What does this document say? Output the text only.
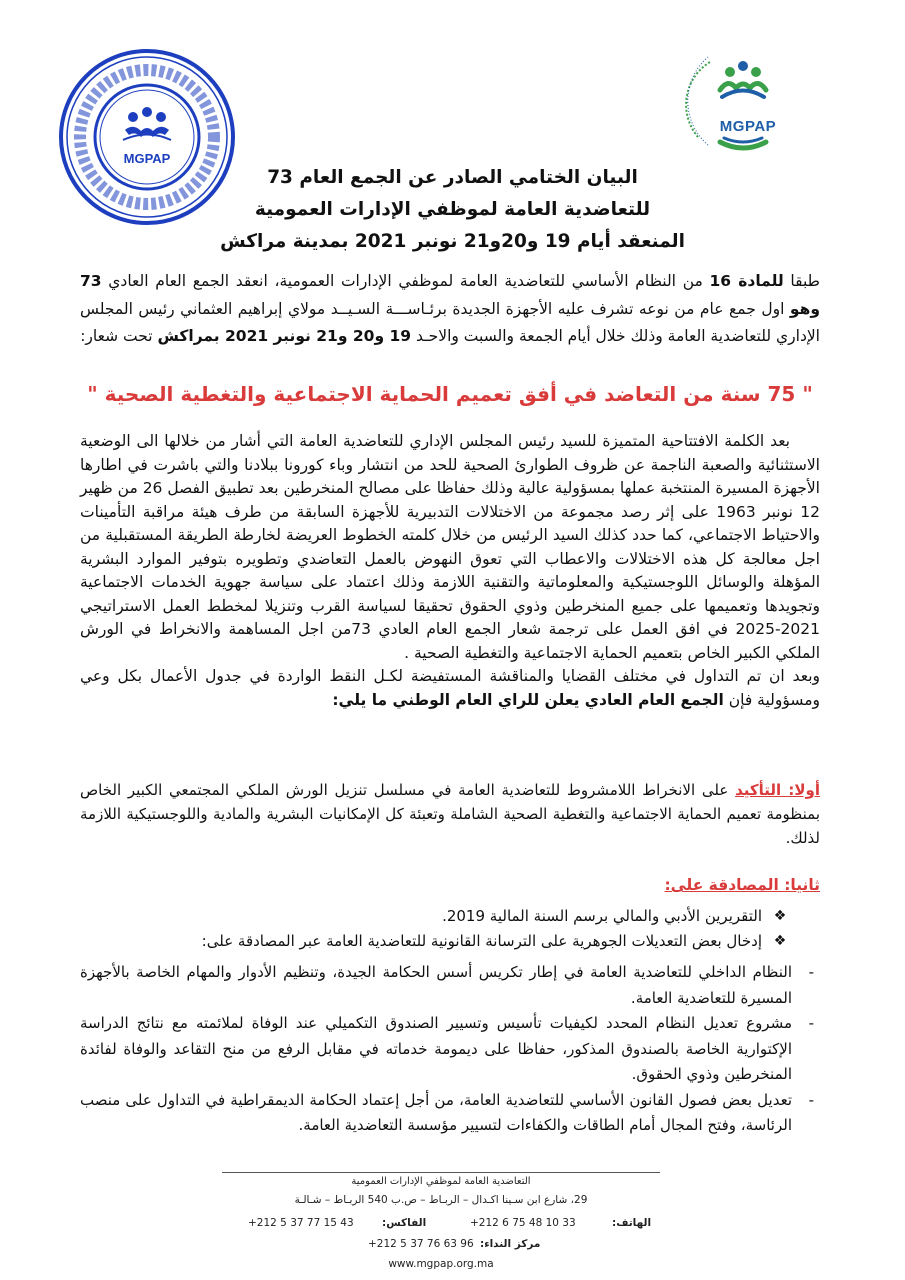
MGPAP
MGPAP
البيان الختامي الصادر عن الجمع العام 73
للتعاضدية العامة لموظفي الإدارات العمومية
المنعقد أيام 19 و20و21 نونبر 2021 بمدينة مراكش
طبقا للمادة 16 من النظام الأساسي للتعاضدية العامة لموظفي الإدارات العمومية، انعقد الجمع العام العادي 73 وهو اول جمع عام من نوعه تشرف عليه الأجهزة الجديدة برئـاســـة السـيــد مولاي إبراهيم العثماني رئيس المجلس الإداري للتعاضدية العامة وذلك خلال أيام الجمعة والسبت والاحـد 19 و20 و21 نونبر 2021 بمراكش تحت شعار:
" 75 سنة من التعاضد في أفق تعميم الحماية الاجتماعية والتغطية الصحية "
بعد الكلمة الافتتاحية المتميزة للسيد رئيس المجلس الإداري للتعاضدية العامة التي أشار من خلالها الى الوضعية الاستثنائية والصعبة الناجمة عن ظروف الطوارئ الصحية للحد من انتشار وباء كورونا ببلادنا والتي باشرت في اطارها الأجهزة المسيرة المنتخبة عملها بمسؤولية عالية وذلك حفاظا على مصالح المنخرطين بعد تطبيق الفصل 26 من ظهير 12 نونبر 1963 على إثر رصد مجموعة من الاختلالات التدبيرية للأجهزة السابقة من طرف هيئة مراقبة التأمينات والاحتياط الاجتماعي، كما حدد كذلك السيد الرئيس من خلال كلمته الخطوط العريضة لخارطة الطريقة المستقبلية من اجل معالجة كل هذه الاختلالات والاعطاب التي تعوق النهوض بالعمل التعاضدي وتطويره بتوفير الموارد البشرية المؤهلة والوسائل اللوجستيكية والمعلوماتية والتقنية اللازمة وذلك اعتماد على سياسة جهوية الخدمات الاجتماعية وتجويدها وتعميمها على جميع المنخرطين وذوي الحقوق تحقيقا لسياسة القرب وتنزيلا لمخطط العمل الاستراتيجي 2021-2025 في افق العمل على ترجمة شعار الجمع العام العادي 73من اجل المساهمة والانخراط في الورش الملكي الكبير الخاص بتعميم الحماية الاجتماعية والتغطية الصحية .
وبعد ان تم التداول في مختلف القضايا والمناقشة المستفيضة لكـل النقط الواردة في جدول الأعمال بكل وعي ومسؤولية فإن الجمع العام العادي يعلن للراي العام الوطني ما يلي:
أولا: التأكيد على الانخراط اللامشروط للتعاضدية العامة في مسلسل تنزيل الورش الملكي المجتمعي الكبير الخاص بمنظومة تعميم الحماية الاجتماعية والتغطية الصحية الشاملة وتعبئة كل الإمكانيات البشرية والمادية واللوجستيكية اللازمة لذلك.
ثانيا: المصادقة على:
❖
التقريرين الأدبي والمالي برسم السنة المالية 2019.
❖
إدخال بعض التعديلات الجوهرية على الترسانة القانونية للتعاضدية العامة عبر المصادقة على:
-
النظام الداخلي للتعاضدية العامة في إطار تكريس أسس الحكامة الجيدة، وتنظيم الأدوار والمهام الخاصة بالأجهزة المسيرة للتعاضدية العامة.
-
مشروع تعديل النظام المحدد لكيفيات تأسيس وتسيير الصندوق التكميلي عند الوفاة لملائمته مع نتائج الدراسة الإكتوارية الخاصة بالصندوق المذكور، حفاظا على ديمومة خدماته في مقابل الرفع من منح التقاعد والوفاة لفائدة المنخرطين وذوي الحقوق.
-
تعديل بعض فصول القانون الأساسي للتعاضدية العامة، من أجل إعتماد الحكامة الديمقراطية في التداول على منصب الرئاسة، وفتح المجال أمام الطاقات والكفاءات لتسيير مؤسسة التعاضدية العامة.
التعاضدية العامة لموظفي الإدارات العمومية
29، شارع ابن سـينا اكـدال – الربـاط – ص.ب 540 الربـاط – شـالـة
الهاتف:
+212 6 75 48 10 33
الفاكس:
+212 5 37 77 15 43
مركز النداء:
+212 5 37 76 63 96
www.mgpap.org.ma
